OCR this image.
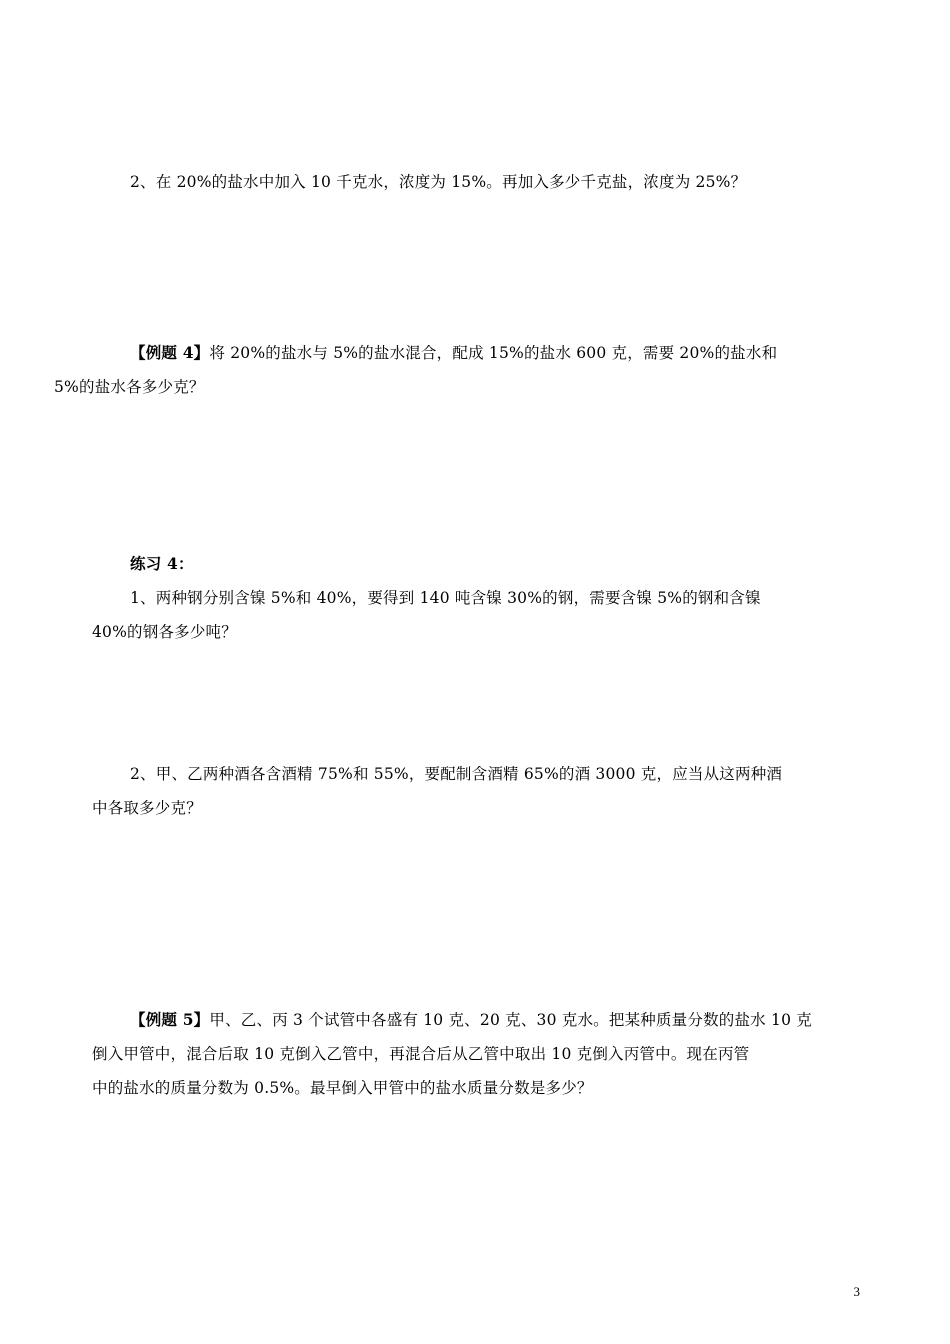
2、在 20%的盐水中加入 10 千克水，浓度为 15%。再加入多少千克盐，浓度为 25%？
【例题 4】将 20%的盐水与 5%的盐水混合，配成 15%的盐水 600 克，需要 20%的盐水和
5%的盐水各多少克？
练习 4：
1、两种钢分别含镍 5%和 40%，要得到 140 吨含镍 30%的钢，需要含镍 5%的钢和含镍
40%的钢各多少吨？
2、甲、乙两种酒各含酒精 75%和 55%，要配制含酒精 65%的酒 3000 克，应当从这两种酒
中各取多少克？
【例题 5】甲、乙、丙 3 个试管中各盛有 10 克、20 克、30 克水。把某种质量分数的盐水 10 克
倒入甲管中，混合后取 10 克倒入乙管中，再混合后从乙管中取出 10 克倒入丙管中。现在丙管
中的盐水的质量分数为 0.5%。最早倒入甲管中的盐水质量分数是多少？
3
